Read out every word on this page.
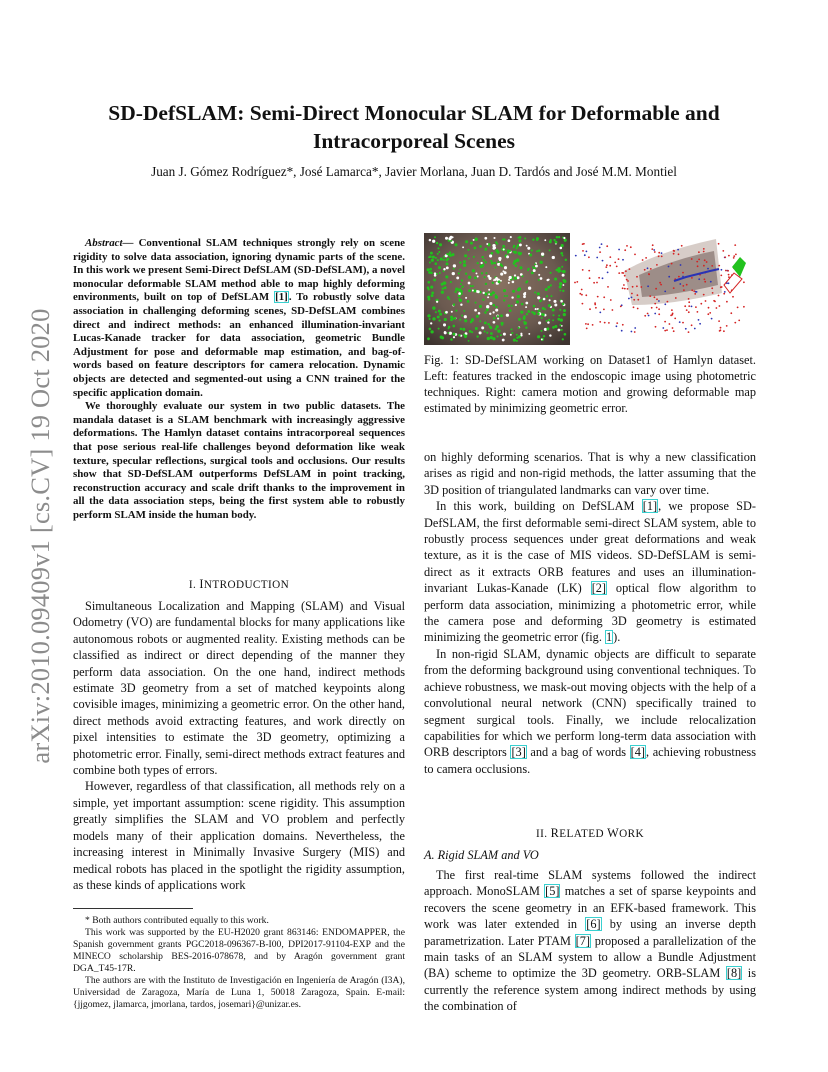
arXiv:2010.09409v1 [cs.CV] 19 Oct 2020
SD-DefSLAM: Semi-Direct Monocular SLAM for Deformable and
Intracorporeal Scenes
Juan J. Gómez Rodríguez*, José Lamarca*, Javier Morlana, Juan D. Tardós and José M.M. Montiel

Abstract— Conventional SLAM techniques strongly rely on scene rigidity to solve data association, ignoring dynamic parts of the scene. In this work we present Semi-Direct DefSLAM (SD-DefSLAM), a novel monocular deformable SLAM method able to map highly deforming environments, built on top of DefSLAM [1]. To robustly solve data association in challenging deforming scenes, SD-DefSLAM combines direct and indirect methods: an enhanced illumination-invariant Lucas-Kanade tracker for data association, geometric Bundle Adjustment for pose and deformable map estimation, and bag-of-words based on feature descriptors for camera relocation. Dynamic objects are detected and segmented-out using a CNN trained for the specific application domain.

We thoroughly evaluate our system in two public datasets. The mandala dataset is a SLAM benchmark with increasingly aggressive deformations. The Hamlyn dataset contains intracorporeal sequences that pose serious real-life challenges beyond deformation like weak texture, specular reflections, surgical tools and occlusions. Our results show that SD-DefSLAM outperforms DefSLAM in point tracking, reconstruction accuracy and scale drift thanks to the improvement in all the data association steps, being the first system able to robustly perform SLAM inside the human body.

I. INTRODUCTION

Simultaneous Localization and Mapping (SLAM) and Visual Odometry (VO) are fundamental blocks for many applications like autonomous robots or augmented reality. Existing methods can be classified as indirect or direct depending of the manner they perform data association. On the one hand, indirect methods estimate 3D geometry from a set of matched keypoints along covisible images, minimizing a geometric error. On the other hand, direct methods avoid extracting features, and work directly on pixel intensities to estimate the 3D geometry, optimizing a photometric error. Finally, semi-direct methods extract features and combine both types of errors.

However, regardless of that classification, all methods rely on a simple, yet important assumption: scene rigidity. This assumption greatly simplifies the SLAM and VO problem and perfectly models many of their application domains. Nevertheless, the increasing interest in Minimally Invasive Surgery (MIS) and medical robots has placed in the spotlight the rigidity assumption, as these kinds of applications work

* Both authors contributed equally to this work.

This work was supported by the EU-H2020 grant 863146: ENDOMAPPER, the Spanish government grants PGC2018-096367-B-I00, DPI2017-91104-EXP and the MINECO scholarship BES-2016-078678, and by Aragón government grant DGA_T45-17R.

The authors are with the Instituto de Investigación en Ingeniería de Aragón (I3A), Universidad de Zaragoza, María de Luna 1, 50018 Zaragoza, Spain. E-mail: {jjgomez, jlamarca, jmorlana, tardos, josemari}@unizar.es.

Fig. 1: SD-DefSLAM working on Dataset1 of Hamlyn dataset. Left: features tracked in the endoscopic image using photometric techniques. Right: camera motion and growing deformable map estimated by minimizing geometric error.

on highly deforming scenarios. That is why a new classification arises as rigid and non-rigid methods, the latter assuming that the 3D position of triangulated landmarks can vary over time.

In this work, building on DefSLAM [1], we propose SD-DefSLAM, the first deformable semi-direct SLAM system, able to robustly process sequences under great deformations and weak texture, as it is the case of MIS videos. SD-DefSLAM is semi-direct as it extracts ORB features and uses an illumination-invariant Lukas-Kanade (LK) [2] optical flow algorithm to perform data association, minimizing a photometric error, while the camera pose and deforming 3D geometry is estimated minimizing the geometric error (fig. 1).

In non-rigid SLAM, dynamic objects are difficult to separate from the deforming background using conventional techniques. To achieve robustness, we mask-out moving objects with the help of a convolutional neural network (CNN) specifically trained to segment surgical tools. Finally, we include relocalization capabilities for which we perform long-term data association with ORB descriptors [3] and a bag of words [4], achieving robustness to camera occlusions.

II. RELATED WORK
A. Rigid SLAM and VO

The first real-time SLAM systems followed the indirect approach. MonoSLAM [5] matches a set of sparse keypoints and recovers the scene geometry in an EFK-based framework. This work was later extended in [6] by using an inverse depth parametrization. Later PTAM [7] proposed a parallelization of the main tasks of an SLAM system to allow a Bundle Adjustment (BA) scheme to optimize the 3D geometry. ORB-SLAM [8] is currently the reference system among indirect methods by using the combination of
